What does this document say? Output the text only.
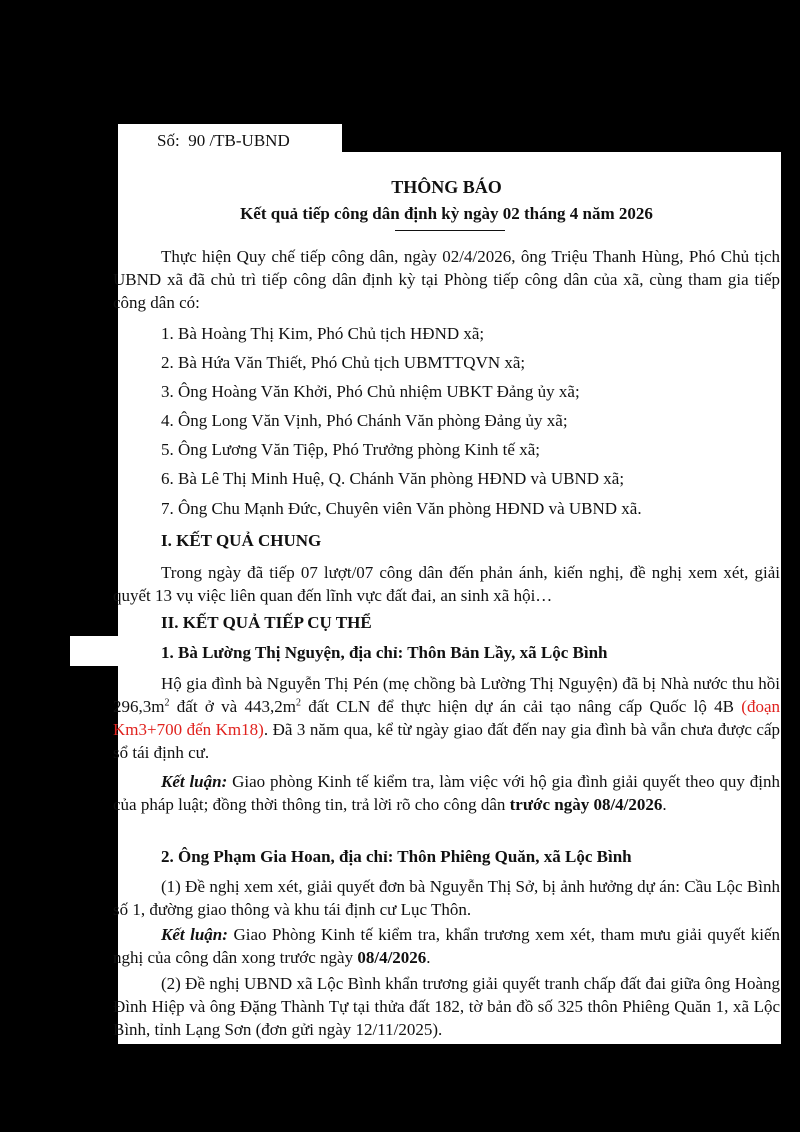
Số: 90 /TB-UBND
THÔNG BÁO
Kết quả tiếp công dân định kỳ ngày 02 tháng 4 năm 2026

Thực hiện Quy chế tiếp công dân, ngày 02/4/2026, ông Triệu Thanh Hùng, Phó Chủ tịch UBND xã đã chủ trì tiếp công dân định kỳ tại Phòng tiếp công dân của xã, cùng tham gia tiếp công dân có:

1. Bà Hoàng Thị Kim, Phó Chủ tịch HĐND xã;
2. Bà Hứa Văn Thiết, Phó Chủ tịch UBMTTQVN xã;
3. Ông Hoàng Văn Khởi, Phó Chủ nhiệm UBKT Đảng ủy xã;
4. Ông Long Văn Vịnh, Phó Chánh Văn phòng Đảng ủy xã;
5. Ông Lương Văn Tiệp, Phó Trưởng phòng Kinh tế xã;
6. Bà Lê Thị Minh Huệ, Q. Chánh Văn phòng HĐND và UBND xã;
7. Ông Chu Mạnh Đức, Chuyên viên Văn phòng HĐND và UBND xã.
I. KẾT QUẢ CHUNG

Trong ngày đã tiếp 07 lượt/07 công dân đến phản ánh, kiến nghị, đề nghị xem xét, giải quyết 13 vụ việc liên quan đến lĩnh vực đất đai, an sinh xã hội…

II. KẾT QUẢ TIẾP CỤ THỂ
1. Bà Lường Thị Nguyện, địa chỉ: Thôn Bản Lầy, xã Lộc Bình

Hộ gia đình bà Nguyễn Thị Pén (mẹ chồng bà Lường Thị Nguyện) đã bị Nhà nước thu hồi $296,3m^2$ đất ở và $443,2m^2$ đất CLN để thực hiện dự án cải tạo nâng cấp Quốc lộ 4B (đoạn Km3+700 đến Km18). Đã 3 năm qua, kể từ ngày giao đất đến nay gia đình bà vẫn chưa được cấp sổ tái định cư.

Kết luận: Giao phòng Kinh tế kiểm tra, làm việc với hộ gia đình giải quyết theo quy định của pháp luật; đồng thời thông tin, trả lời rõ cho công dân trước ngày 08/4/2026.

2. Ông Phạm Gia Hoan, địa chỉ: Thôn Phiêng Quăn, xã Lộc Bình

(1) Đề nghị xem xét, giải quyết đơn bà Nguyễn Thị Sở, bị ảnh hưởng dự án: Cầu Lộc Bình số 1, đường giao thông và khu tái định cư Lục Thôn.

Kết luận: Giao Phòng Kinh tế kiểm tra, khẩn trương xem xét, tham mưu giải quyết kiến nghị của công dân xong trước ngày 08/4/2026.

(2) Đề nghị UBND xã Lộc Bình khẩn trương giải quyết tranh chấp đất đai giữa ông Hoàng Đình Hiệp và ông Đặng Thành Tự tại thửa đất 182, tờ bản đồ số 325 thôn Phiêng Quăn 1, xã Lộc Bình, tỉnh Lạng Sơn (đơn gửi ngày 12/11/2025).
